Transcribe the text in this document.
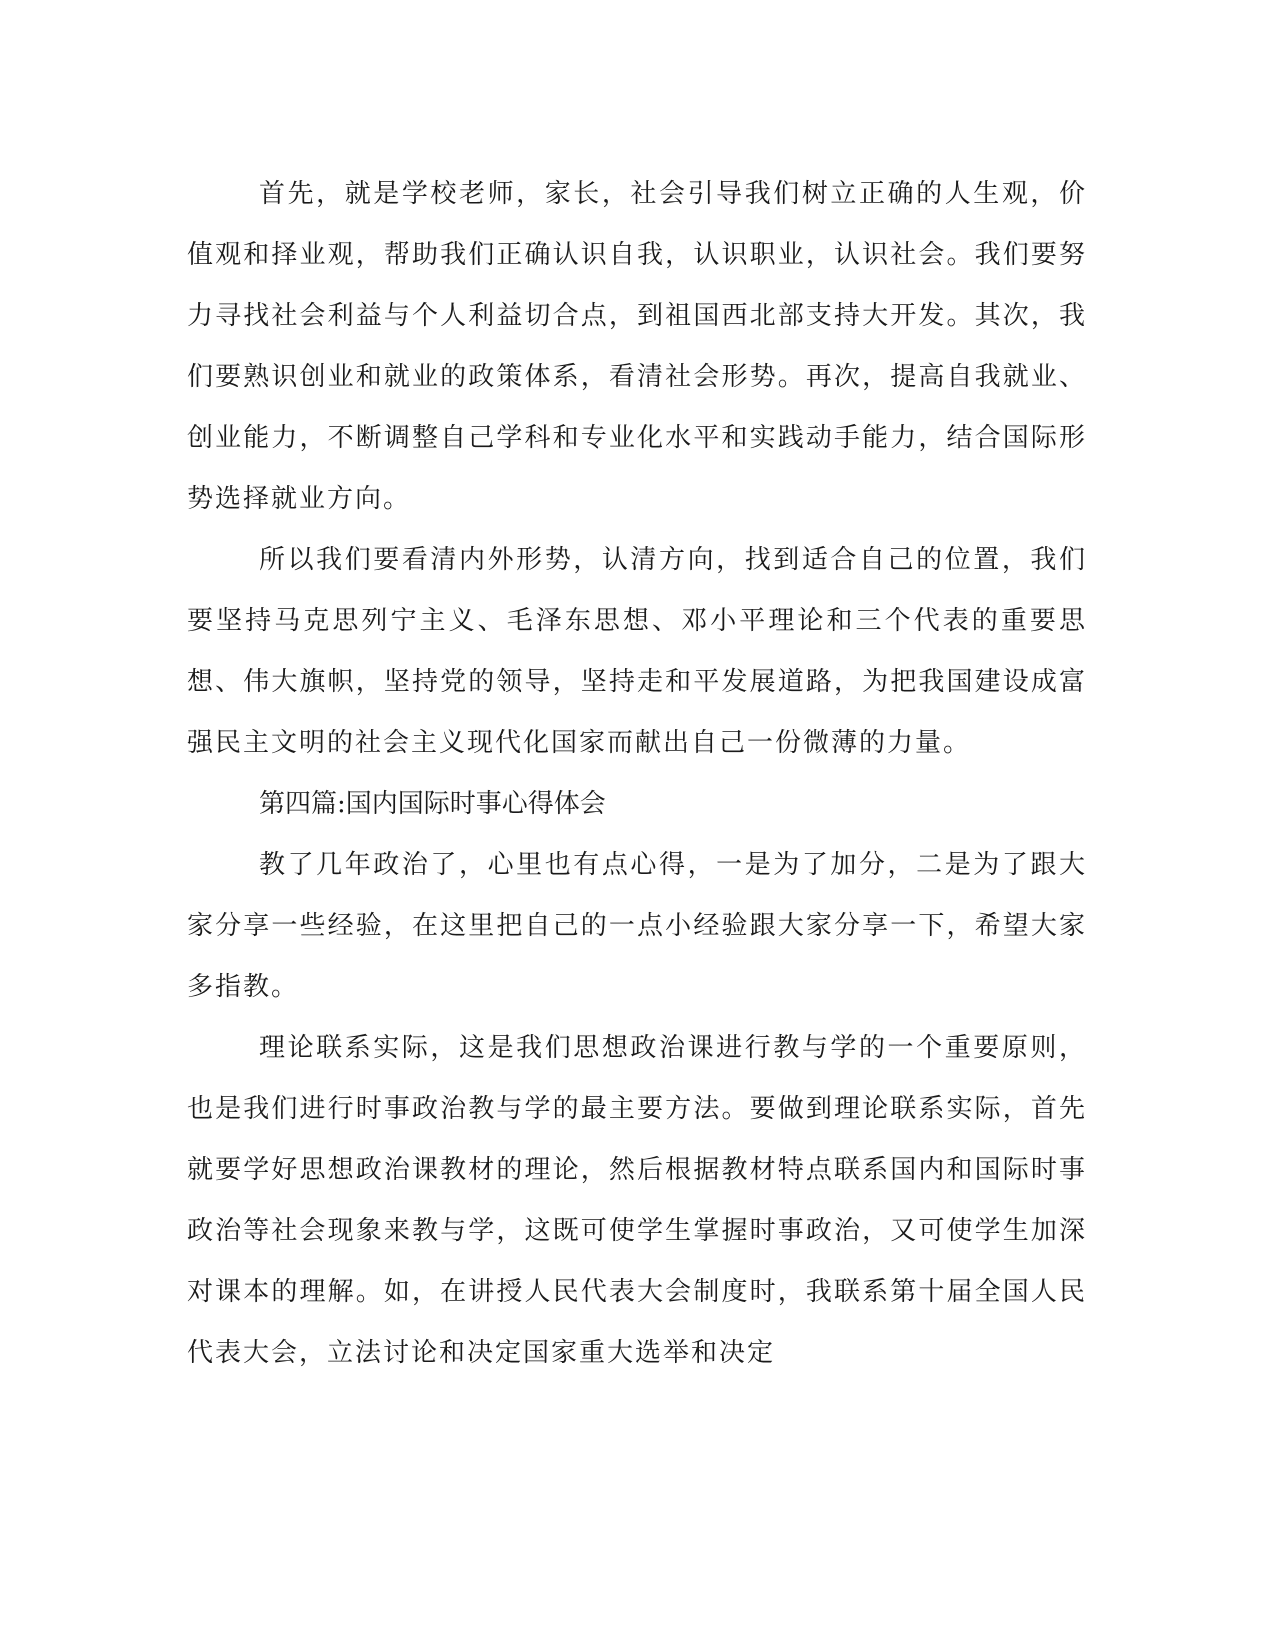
首先，就是学校老师，家长，社会引导我们树立正确的人生观，价值观和择业观，帮助我们正确认识自我，认识职业，认识社会。我们要努力寻找社会利益与个人利益切合点，到祖国西北部支持大开发。其次，我们要熟识创业和就业的政策体系，看清社会形势。再次，提高自我就业、创业能力，不断调整自己学科和专业化水平和实践动手能力，结合国际形势选择就业方向。

所以我们要看清内外形势，认清方向，找到适合自己的位置，我们要坚持马克思列宁主义、毛泽东思想、邓小平理论和三个代表的重要思想、伟大旗帜，坚持党的领导，坚持走和平发展道路，为把我国建设成富强民主文明的社会主义现代化国家而献出自己一份微薄的力量。

第四篇:国内国际时事心得体会

教了几年政治了，心里也有点心得，一是为了加分，二是为了跟大家分享一些经验，在这里把自己的一点小经验跟大家分享一下，希望大家多指教。

理论联系实际，这是我们思想政治课进行教与学的一个重要原则，也是我们进行时事政治教与学的最主要方法。要做到理论联系实际，首先就要学好思想政治课教材的理论，然后根据教材特点联系国内和国际时事政治等社会现象来教与学，这既可使学生掌握时事政治，又可使学生加深对课本的理解。如，在讲授人民代表大会制度时，我联系第十届全国人民代表大会，立法讨论和决定国家重大选举和决定
